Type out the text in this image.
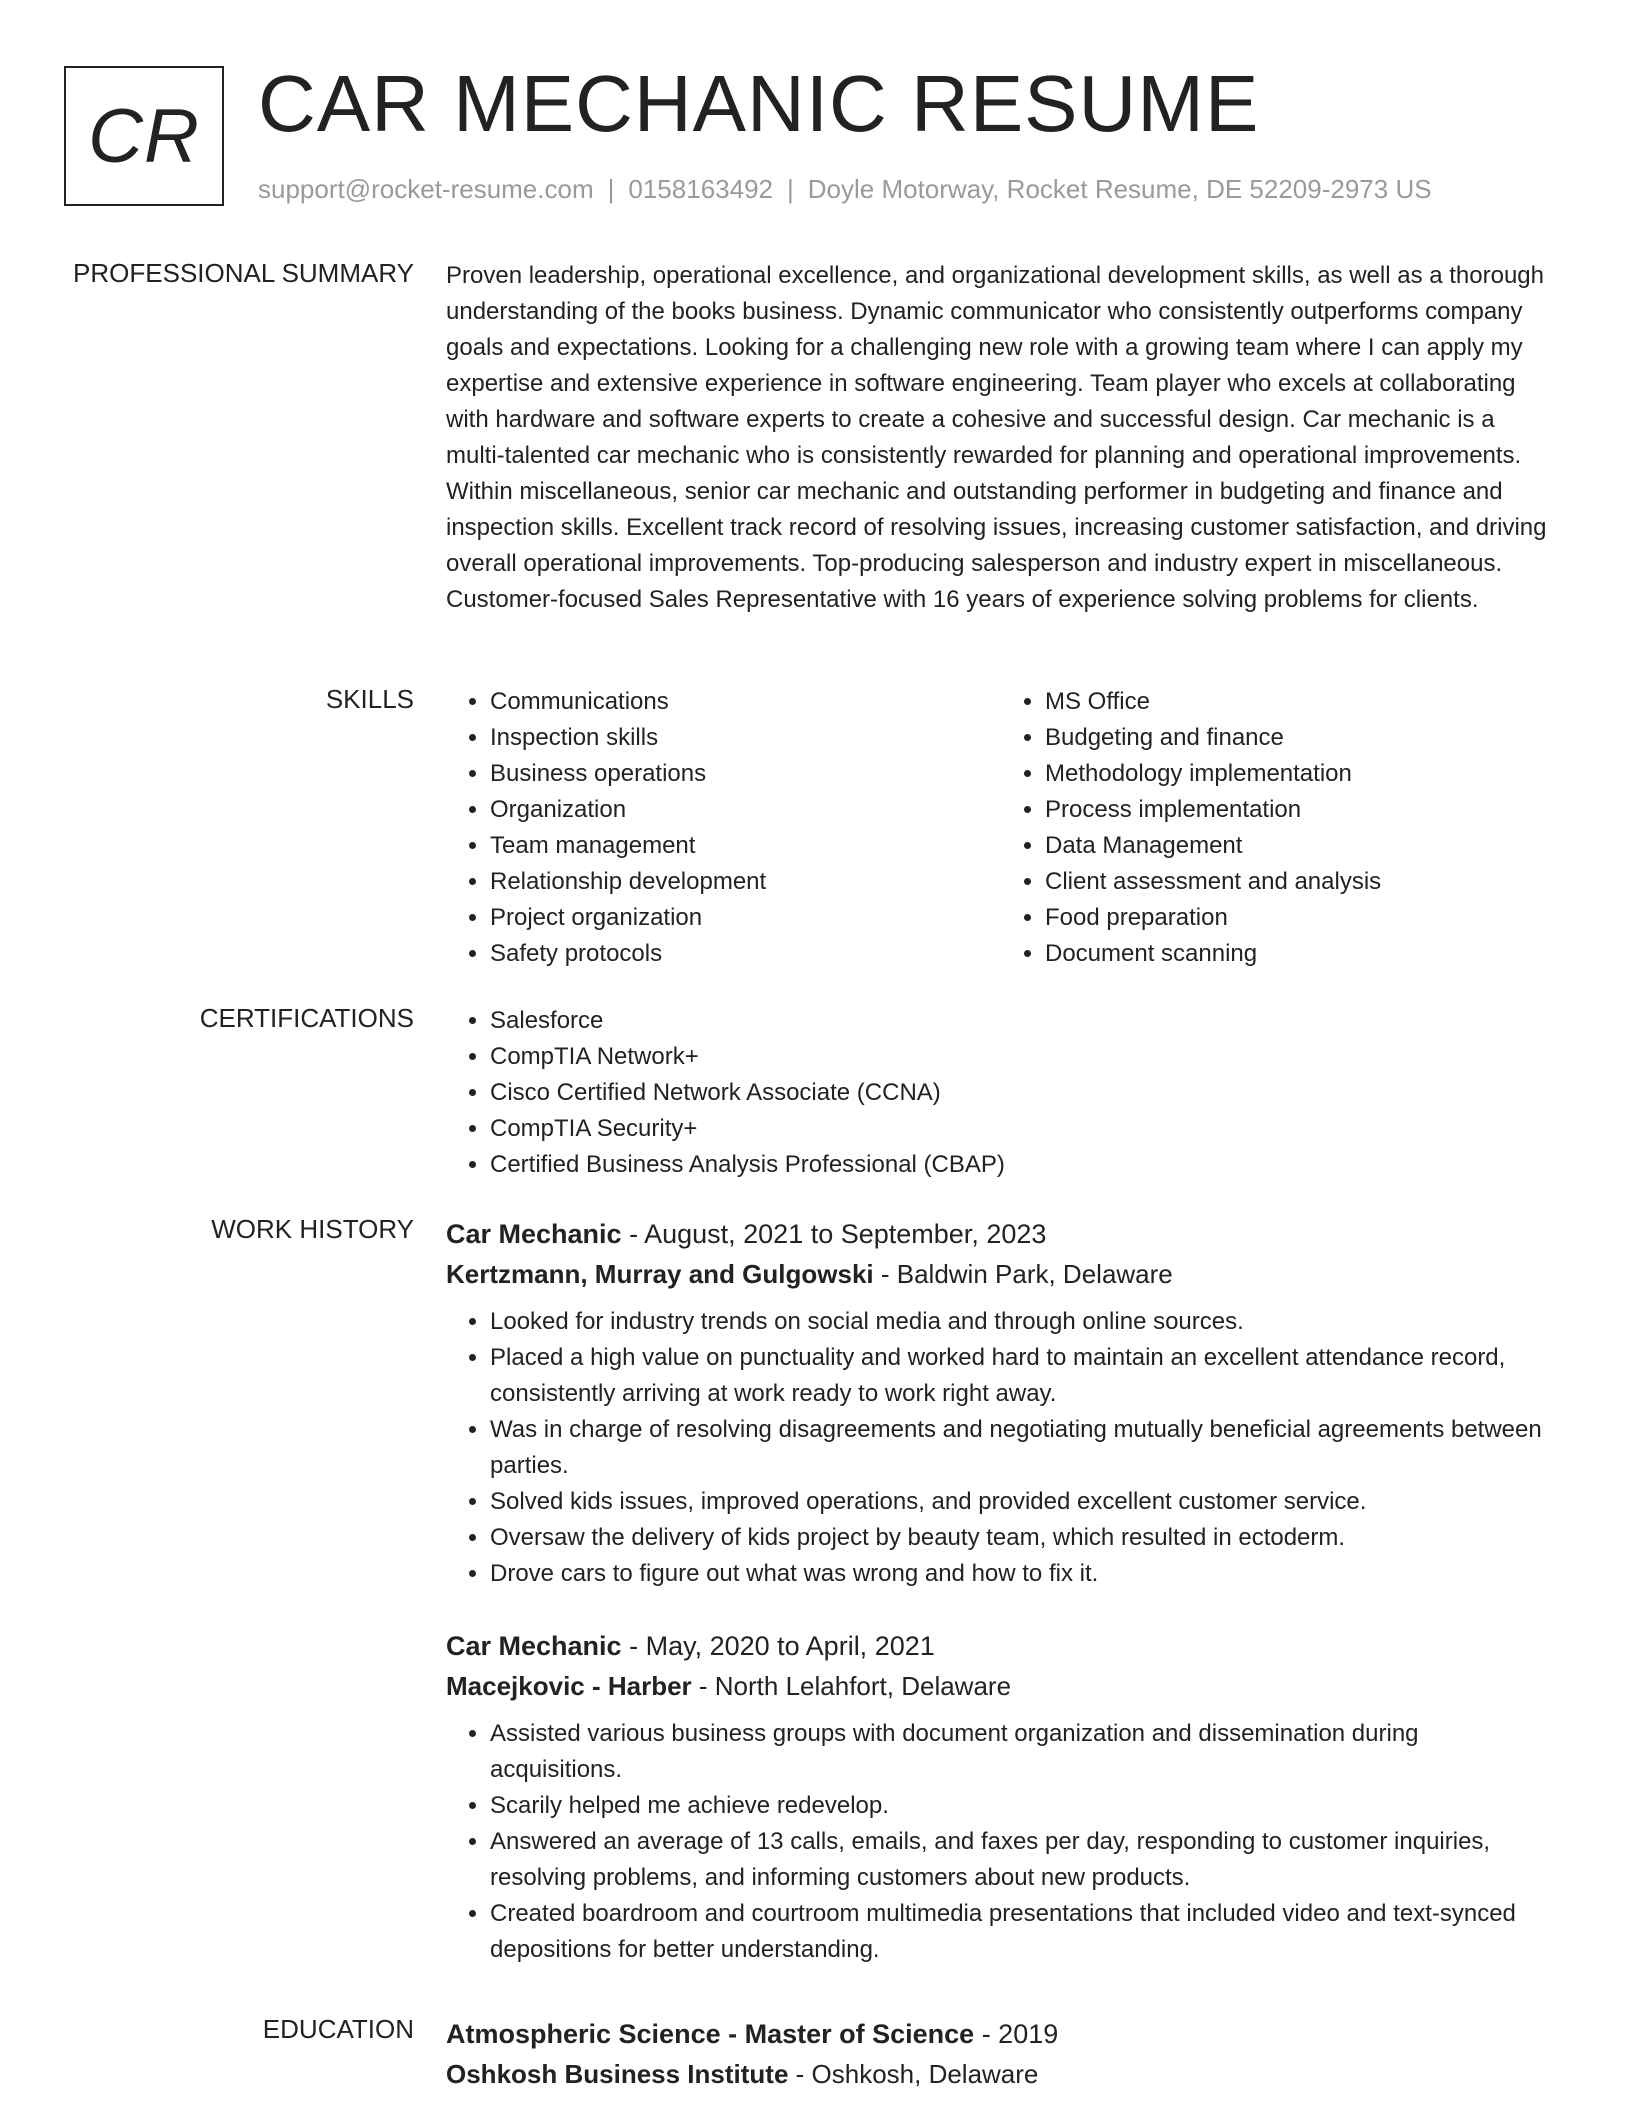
CR CAR MECHANIC RESUME
support@rocket-resume.com | 0158163492 | Doyle Motorway, Rocket Resume, DE 52209-2973 US
PROFESSIONAL SUMMARY Proven leadership, operational excellence, and organizational development skills, as well as a thorough understanding of the books business. Dynamic communicator who consistently outperforms company goals and expectations. Looking for a challenging new role with a growing team where I can apply my expertise and extensive experience in software engineering. Team player who excels at collaborating with hardware and software experts to create a cohesive and successful design. Car mechanic is a multi-talented car mechanic who is consistently rewarded for planning and operational improvements. Within miscellaneous, senior car mechanic and outstanding performer in budgeting and finance and inspection skills. Excellent track record of resolving issues, increasing customer satisfaction, and driving overall operational improvements. Top-producing salesperson and industry expert in miscellaneous. Customer-focused Sales Representative with 16 years of experience solving problems for clients.

SKILLS	• Communications
• Inspection skills
• Business operations
• Organization
• Team management
• Relationship development
• Project organization
• Safety protocols
• MS Office
• Budgeting and finance
• Methodology implementation
• Process implementation
• Data Management
• Client assessment and analysis
• Food preparation
• Document scanning
CERTIFICATIONS	• Salesforce
• CompTIA Network+
• Cisco Certified Network Associate (CCNA)
• CompTIA Security+
• Certified Business Analysis Professional (CBAP)
WORK HISTORY Car Mechanic - August, 2021 to September, 2023
Kertzmann, Murray and Gulgowski - Baldwin Park, Delaware
• Looked for industry trends on social media and through online sources.
• Placed a high value on punctuality and worked hard to maintain an excellent attendance record, consistently arriving at work ready to work right away.
• Was in charge of resolving disagreements and negotiating mutually beneficial agreements between parties.
• Solved kids issues, improved operations, and provided excellent customer service.
• Oversaw the delivery of kids project by beauty team, which resulted in ectoderm.
• Drove cars to figure out what was wrong and how to fix it.
Car Mechanic - May, 2020 to April, 2021
Macejkovic - Harber - North Lelahfort, Delaware
• Assisted various business groups with document organization and dissemination during acquisitions.
• Scarily helped me achieve redevelop.
• Answered an average of 13 calls, emails, and faxes per day, responding to customer inquiries, resolving problems, and informing customers about new products.
• Created boardroom and courtroom multimedia presentations that included video and text-synced depositions for better understanding.
EDUCATION Atmospheric Science - Master of Science - 2019
Oshkosh Business Institute - Oshkosh, Delaware
